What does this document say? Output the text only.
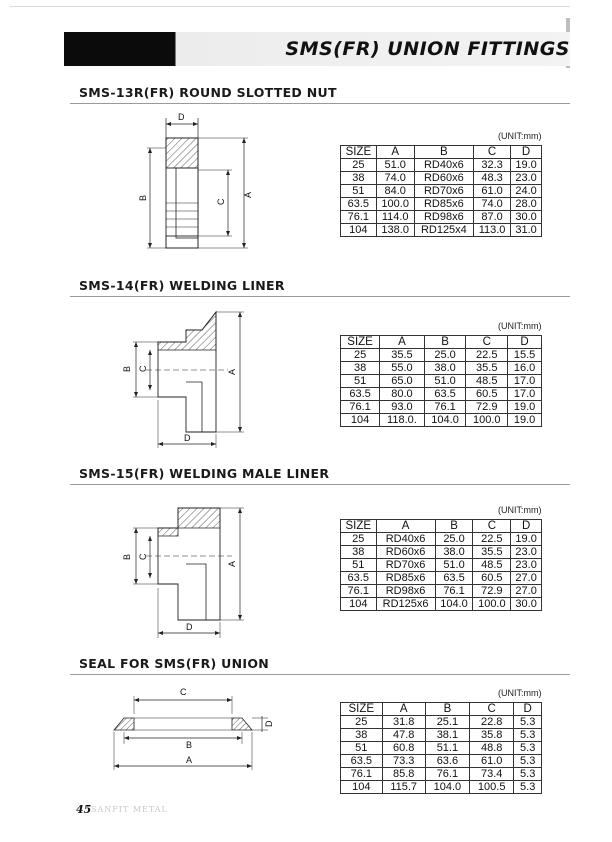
SMS(FR) UNION FITTINGS
SMS-13R(FR) ROUND SLOTTED NUT
D
B
C
A
(UNIT:mm)
SIZE	A	B	C	D
25	51.0	RD40x6	32.3	19.0
38	74.0	RD60x6	48.3	23.0
51	84.0	RD70x6	61.0	24.0
63.5	100.0	RD85x6	74.0	28.0
76.1	114.0	RD98x6	87.0	30.0
104	138.0	RD125x4	113.0	31.0
SMS-14(FR) WELDING LINER
B C	A
D
(UNIT:mm)
SIZE	A	B	C	D
25	35.5	25.0	22.5	15.5
38	55.0	38.0	35.5	16.0
51	65.0	51.0	48.5	17.0
63.5	80.0	63.5	60.5	17.0
76.1	93.0	76.1	72.9	19.0
104	118.0.	104.0	100.0	19.0
SMS-15(FR) WELDING MALE LINER
B C
A
D
(UNIT:mm)
SIZE	A	B	C	D
25	RD40x6	25.0	22.5	19.0
38	RD60x6	38.0	35.5	23.0
51	RD70x6	51.0	48.5	23.0
63.5	RD85x6	63.5	60.5	27.0
76.1	RD98x6	76.1	72.9	27.0
104	RD125x6	104.0	100.0	30.0
SEAL FOR SMS(FR) UNION
C
D
B
A
(UNIT:mm)
SIZE	A	B	C	D
25	31.8	25.1	22.8	5.3
38	47.8	38.1	35.8	5.3
51	60.8	51.1	48.8	5.3
63.5	73.3	63.6	61.0	5.3
76.1	85.8	76.1	73.4	5.3
104	115.7	104.0	100.5	5.3
45 SANFIT METAL
